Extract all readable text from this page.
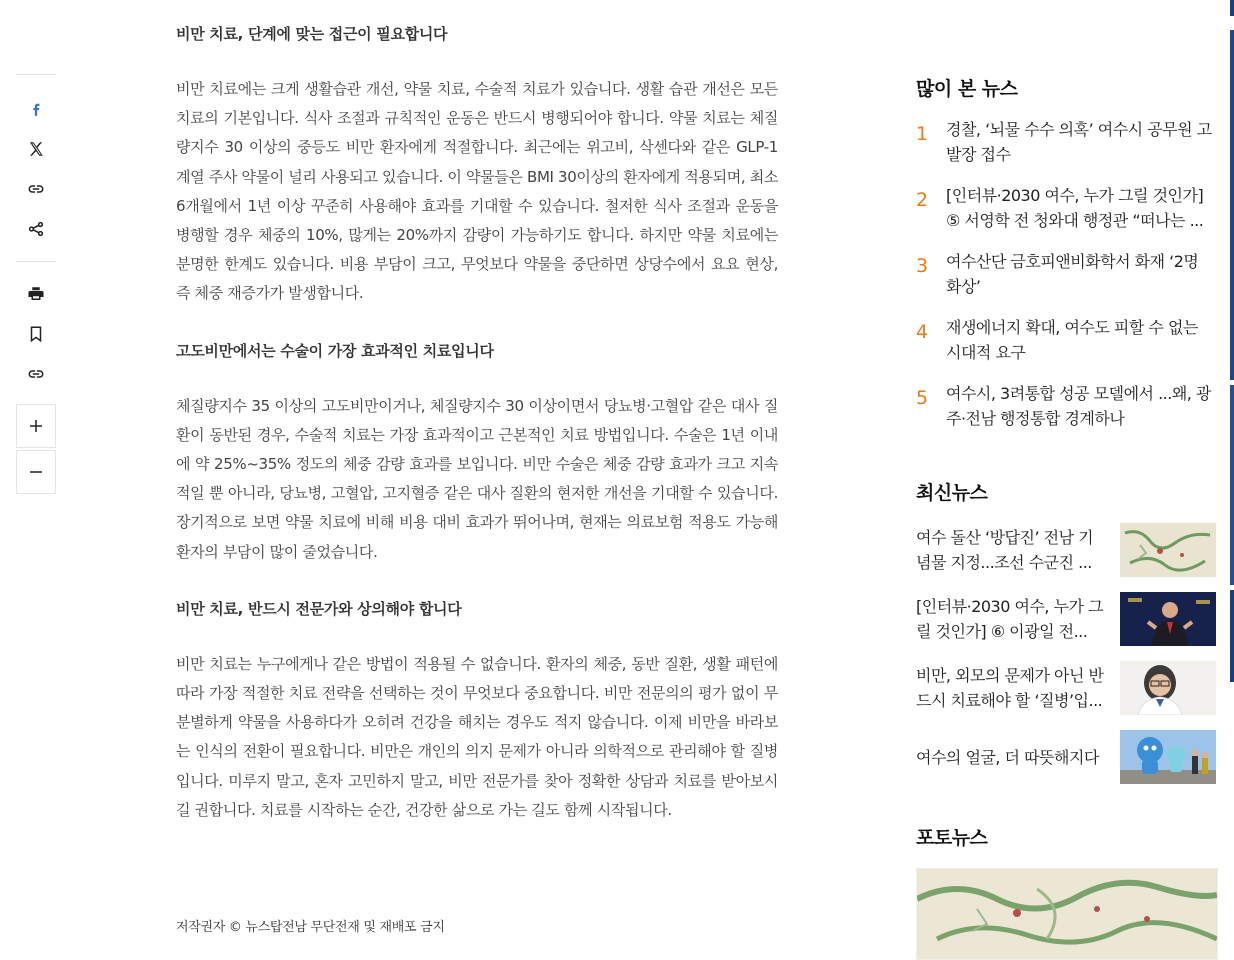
비만 치료, 단계에 맞는 접근이 필요합니다

비만 치료에는 크게 생활습관 개선, 약물 치료, 수술적 치료가 있습니다. 생활 습관 개선은 모든 치료의 기본입니다. 식사 조절과 규칙적인 운동은 반드시 병행되어야 합니다. 약물 치료는 체질량지수 30 이상의 중등도 비만 환자에게 적절합니다. 최근에는 위고비, 삭센다와 같은 GLP-1 계열 주사 약물이 널리 사용되고 있습니다. 이 약물들은 BMI 30이상의 환자에게 적용되며, 최소 6개월에서 1년 이상 꾸준히 사용해야 효과를 기대할 수 있습니다. 철저한 식사 조절과 운동을 병행할 경우 체중의 10%, 많게는 20%까지 감량이 가능하기도 합니다. 하지만 약물 치료에는 분명한 한계도 있습니다. 비용 부담이 크고, 무엇보다 약물을 중단하면 상당수에서 요요 현상, 즉 체중 재증가가 발생합니다.

고도비만에서는 수술이 가장 효과적인 치료입니다

체질량지수 35 이상의 고도비만이거나, 체질량지수 30 이상이면서 당뇨병·고혈압 같은 대사 질환이 동반된 경우, 수술적 치료는 가장 효과적이고 근본적인 치료 방법입니다. 수술은 1년 이내에 약 25%~35% 정도의 체중 감량 효과를 보입니다. 비만 수술은 체중 감량 효과가 크고 지속적일 뿐 아니라, 당뇨병, 고혈압, 고지혈증 같은 대사 질환의 현저한 개선을 기대할 수 있습니다. 장기적으로 보면 약물 치료에 비해 비용 대비 효과가 뛰어나며, 현재는 의료보험 적용도 가능해 환자의 부담이 많이 줄었습니다.

비만 치료, 반드시 전문가와 상의해야 합니다

비만 치료는 누구에게나 같은 방법이 적용될 수 없습니다. 환자의 체중, 동반 질환, 생활 패턴에 따라 가장 적절한 치료 전략을 선택하는 것이 무엇보다 중요합니다. 비만 전문의의 평가 없이 무분별하게 약물을 사용하다가 오히려 건강을 해치는 경우도 적지 않습니다. 이제 비만을 바라보는 인식의 전환이 필요합니다. 비만은 개인의 의지 문제가 아니라 의학적으로 관리해야 할 질병입니다. 미루지 말고, 혼자 고민하지 말고, 비만 전문가를 찾아 정확한 상담과 치료를 받아보시길 권합니다. 치료를 시작하는 순간, 건강한 삶으로 가는 길도 함께 시작됩니다.

저작권자 © 뉴스탑전남 무단전재 및 재배포 금지
많이 본 뉴스
1	경찰, ‘뇌물 수수 의혹’ 여수시 공무원 고발장 접수
2	[인터뷰·2030 여수, 누가 그릴 것인가] ⑤ 서영학 전 청와대 행정관 “떠나는 ...
3	여수산단 금호피앤비화학서 화재 ‘2명 화상’
4	재생에너지 확대, 여수도 피할 수 없는 시대적 요구
5	여수시, 3려통합 성공 모델에서 ...왜, 광주·전남 행정통합 경계하나
최신뉴스
여수 돌산 ‘방답진’ 전남 기념물 지정...조선 수군진 ...
[인터뷰·2030 여수, 누가 그릴 것인가] ⑥ 이광일 전...
비만, 외모의 문제가 아닌 반드시 치료해야 할 ‘질병’입...
여수의 얼굴, 더 따뜻해지다
포토뉴스
